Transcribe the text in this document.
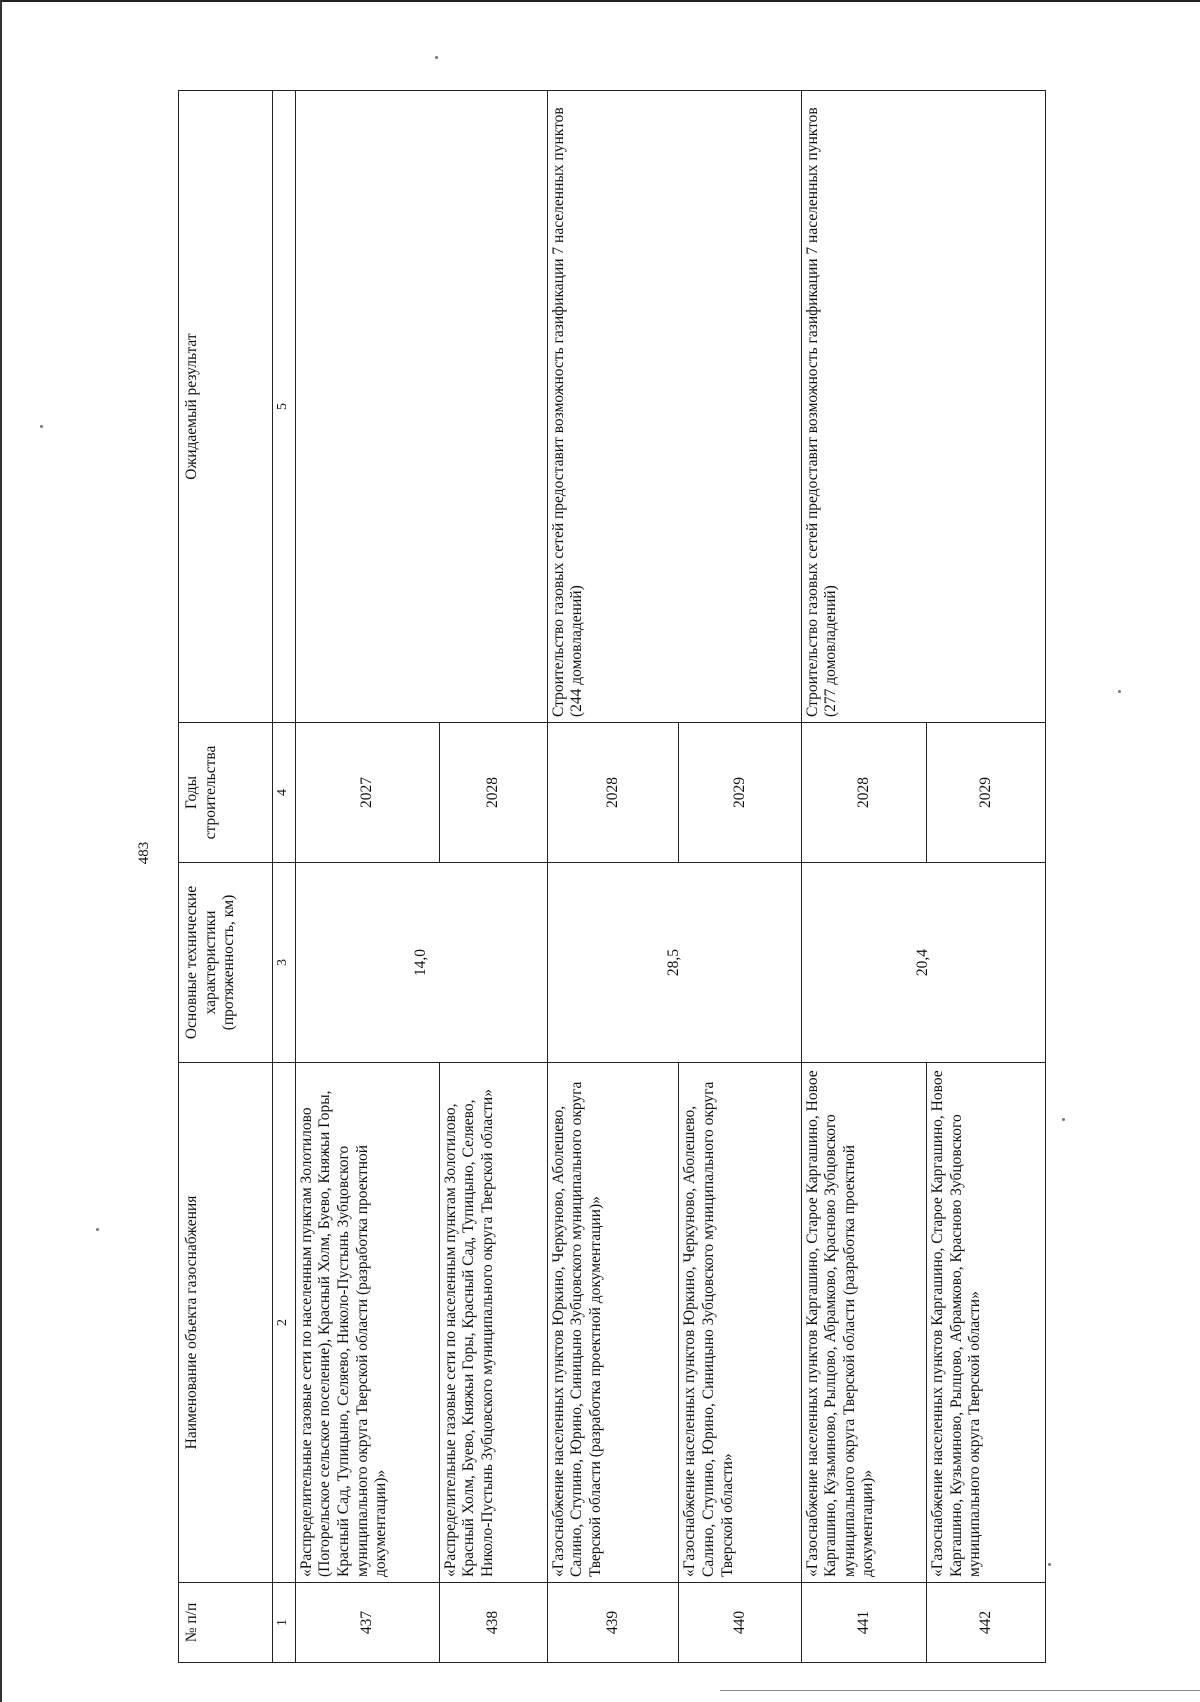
483
№ п/п	Наименование объекта газоснабжения	Основные технические характеристики (протяженность, км)	Годы строительства	Ожидаемый результат
1	2	3	4	5
437	«Распределительные газовые сети по населенным пунктам Золотилово (Погорельское сельское поселение), Красный Холм, Буево, Княжьи Горы, Красный Сад, Тупицыно, Селяево, Николо-Пустынь Зубцовского муниципального округа Тверской области (разработка проектной документации)»	14,0	2027	
438	«Распределительные газовые сети по населенным пунктам Золотилово, Красный Холм, Буево, Княжьи Горы, Красный Сад, Тупицыно, Селяево, Николо-Пустынь Зубцовского муниципального округа Тверской области»		2028	
439	«Газоснабжение населенных пунктов Юркино, Черкуново, Аболешево, Салино, Ступино, Юрино, Синицыно Зубцовского муниципального округа Тверской области (разработка проектной документации)»	28,5	2028	Строительство газовых сетей предоставит возможность газификации 7 населенных пунктов (244 домовладений)
440	«Газоснабжение населенных пунктов Юркино, Черкуново, Аболешево, Салино, Ступино, Юрино, Синицыно Зубцовского муниципального округа Тверской области»		2029	
441	«Газоснабжение населенных пунктов Каргашино, Старое Каргашино, Новое Каргашино, Кузьминово, Рылцово, Абрамково, Красново Зубцовского муниципального округа Тверской области (разработка проектной документации)»	20,4	2028	Строительство газовых сетей предоставит возможность газификации 7 населенных пунктов (277 домовладений)
442	«Газоснабжение населенных пунктов Каргашино, Старое Каргашино, Новое Каргашино, Кузьминово, Рылцово, Абрамково, Красново Зубцовского муниципального округа Тверской области»		2029	
